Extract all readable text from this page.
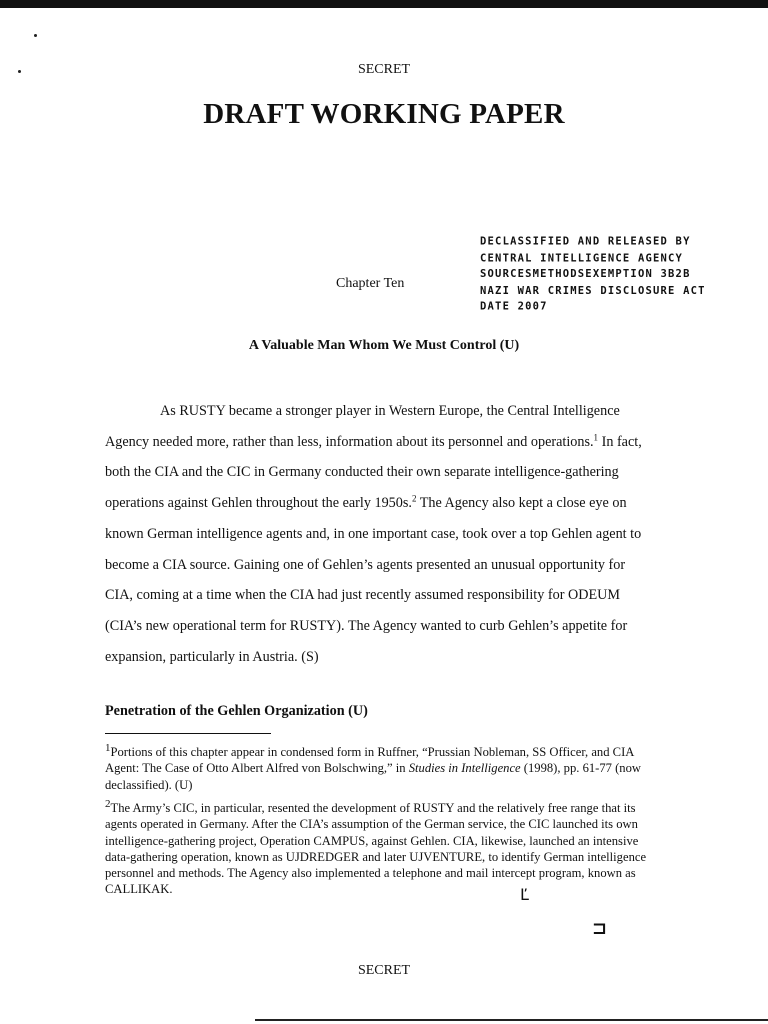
SECRET

DRAFT WORKING PAPER
DECLASSIFIED AND RELEASED BY
CENTRAL INTELLIGENCE AGENCY
SOURCESMETHODSEXEMPTION 3B2B
NAZI WAR CRIMES DISCLOSURE ACT
DATE 2007

Chapter Ten

A Valuable Man Whom We Must Control (U)

As RUSTY became a stronger player in Western Europe, the Central Intelligence Agency needed more, rather than less, information about its personnel and operations.$^1$ In fact, both the CIA and the CIC in Germany conducted their own separate intelligence-gathering operations against Gehlen throughout the early 1950s.$^2$ The Agency also kept a close eye on known German intelligence agents and, in one important case, took over a top Gehlen agent to become a CIA source. Gaining one of Gehlen’s agents presented an unusual opportunity for CIA, coming at a time when the CIA had just recently assumed responsibility for ODEUM (CIA’s new operational term for RUSTY). The Agency wanted to curb Gehlen’s appetite for expansion, particularly in Austria. (S)

Penetration of the Gehlen Organization (U)

1Portions of this chapter appear in condensed form in Ruffner, “Prussian Nobleman, SS Officer, and CIA Agent: The Case of Otto Albert Alfred von Bolschwing,” in Studies in Intelligence (1998), pp. 61-77 (now declassified). (U)

2The Army’s CIC, in particular, resented the development of RUSTY and the relatively free range that its agents operated in Germany. After the CIA’s assumption of the German service, the CIC launched its own intelligence-gathering project, Operation CAMPUS, against Gehlen. CIA, likewise, launched an intensive data-gathering operation, known as UJDREDGER and later UJVENTURE, to identify German intelligence personnel and methods. The Agency also implemented a telephone and mail intercept program, known as CALLIKAK.	Ľ
⊐

SECRET
